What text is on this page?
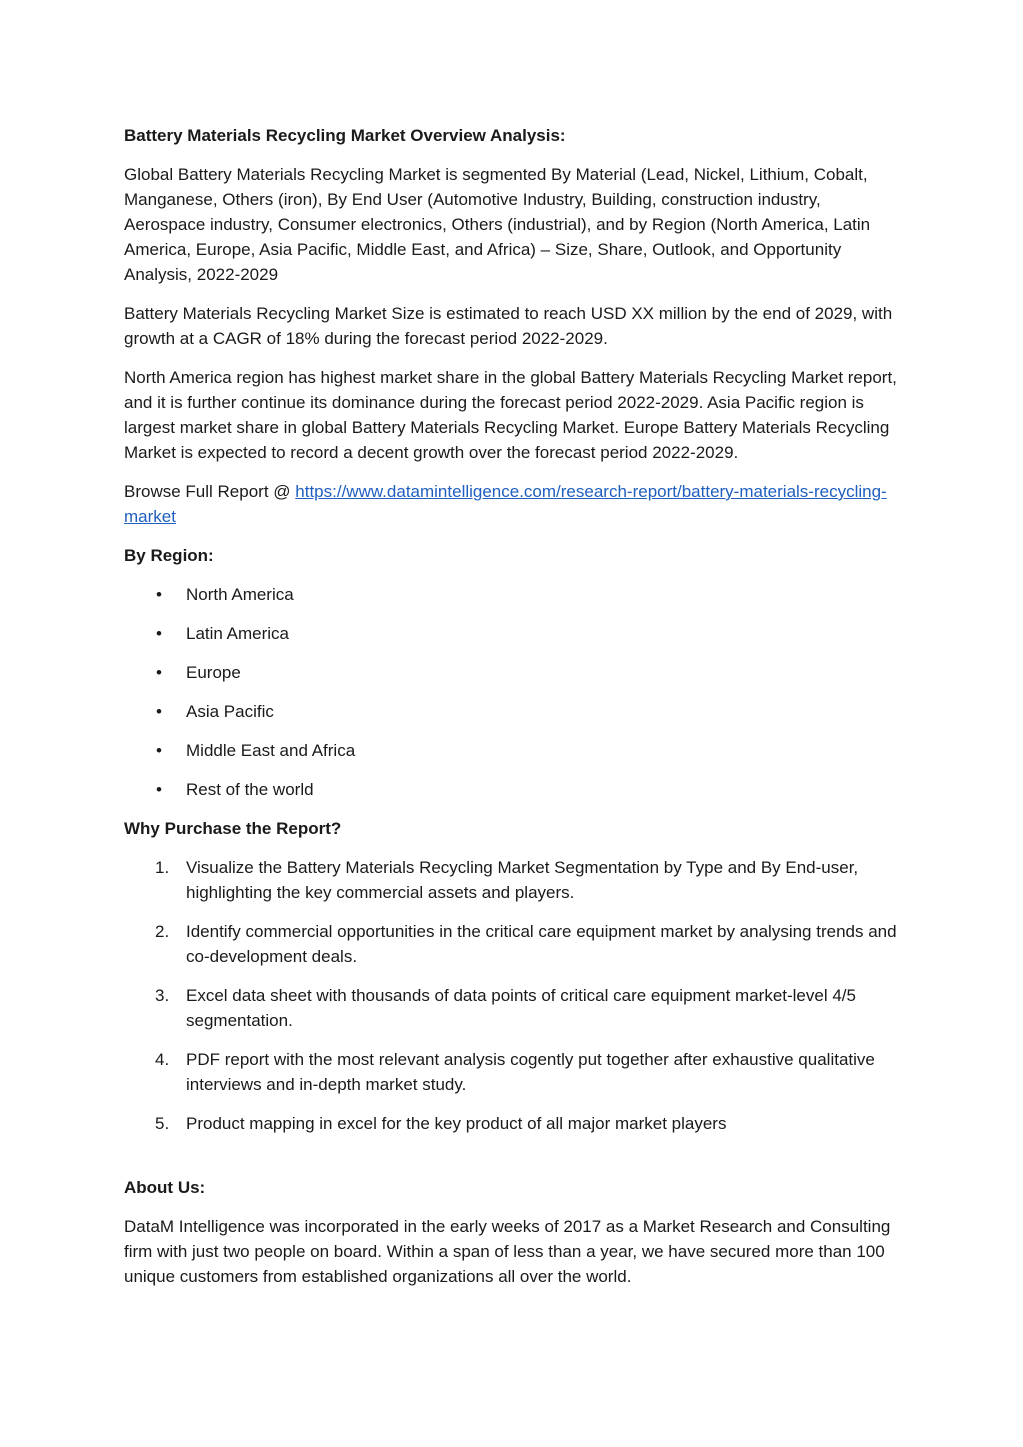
Battery Materials Recycling Market Overview Analysis:

Global Battery Materials Recycling Market is segmented By Material (Lead, Nickel, Lithium, Cobalt, Manganese, Others (iron), By End User (Automotive Industry, Building, construction industry, Aerospace industry, Consumer electronics, Others (industrial), and by Region (North America, Latin America, Europe, Asia Pacific, Middle East, and Africa) – Size, Share, Outlook, and Opportunity Analysis, 2022-2029

Battery Materials Recycling Market Size is estimated to reach USD XX million by the end of 2029, with growth at a CAGR of 18% during the forecast period 2022-2029.

North America region has highest market share in the global Battery Materials Recycling Market report, and it is further continue its dominance during the forecast period 2022-2029. Asia Pacific region is largest market share in global Battery Materials Recycling Market. Europe Battery Materials Recycling Market is expected to record a decent growth over the forecast period 2022-2029.

Browse Full Report @ https://www.datamintelligence.com/research-report/battery-materials-recycling-market

By Region:

• North America
• Latin America
• Europe
• Asia Pacific
• Middle East and Africa
• Rest of the world

Why Purchase the Report?

1. Visualize the Battery Materials Recycling Market Segmentation by Type and By End-user, highlighting the key commercial assets and players.
2. Identify commercial opportunities in the critical care equipment market by analysing trends and co-development deals.
3. Excel data sheet with thousands of data points of critical care equipment market-level 4/5 segmentation.
4. PDF report with the most relevant analysis cogently put together after exhaustive qualitative interviews and in-depth market study.
5. Product mapping in excel for the key product of all major market players

About Us:

DataM Intelligence was incorporated in the early weeks of 2017 as a Market Research and Consulting firm with just two people on board. Within a span of less than a year, we have secured more than 100 unique customers from established organizations all over the world.
